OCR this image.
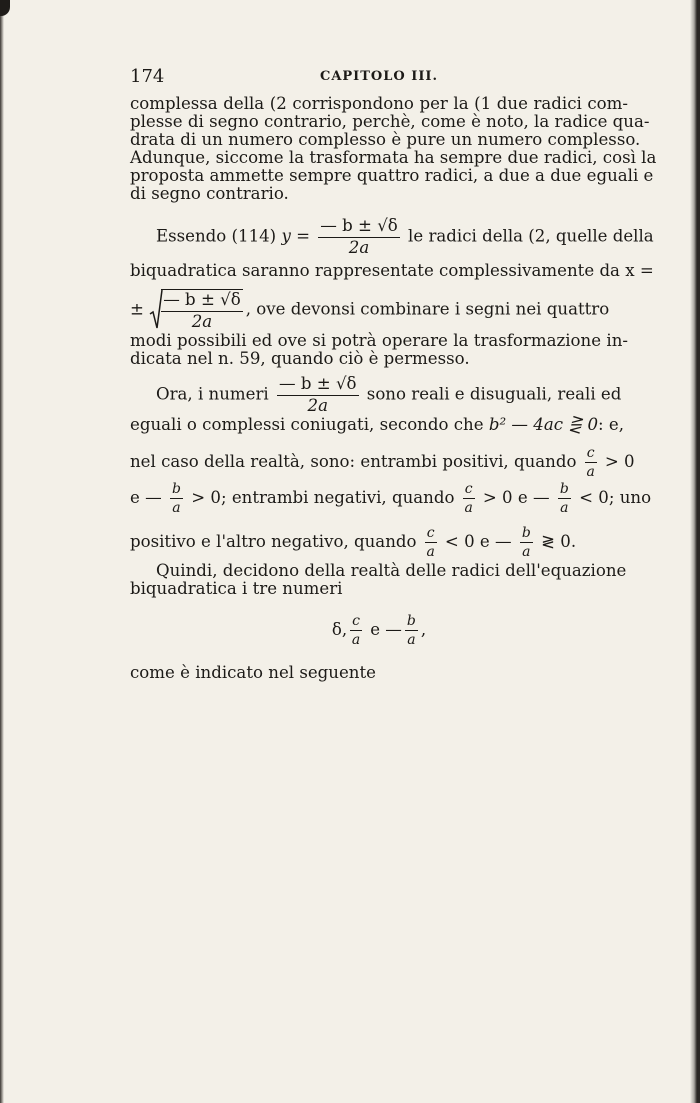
174	CAPITOLO III.
complessa della (2 corrispondono per la (1 due radici com-
plesse di segno contrario, perchè, come è noto, la radice qua-
drata di un numero complesso è pure un numero complesso.
Adunque, siccome la trasformata ha sempre due radici, così la
proposta ammette sempre quattro radici, a due a due eguali e
di segno contrario.
Essendo (114) $y = \frac{— b \pm √\delta}{2a}$ le radici della (2, quelle della
biquadratica saranno rappresentate complessivamente da x =
± $\frac{— b \pm √\delta}{2a}$ , ove devonsi combinare i segni nei quattro
modi possibili ed ove si potrà operare la trasformazione in-
dicata nel n. 59, quando ciò è permesso.
Ora, i numeri $\frac{— b \pm √\delta}{2a}$ sono reali e disuguali, reali ed
eguali o complessi coniugati, secondo che b² — 4ac ⋛ 0: e,
nel caso della realtà, sono: entrambi positivi, quando $\frac{c}{a} > 0$
e — $\frac{b}{a} > 0$; entrambi negativi, quando $\frac{c}{a} > 0$ e — $\frac{b}{a} < 0$; uno
positivo e l'altro negativo, quando $\frac{c}{a} < 0$ e — $\frac{b}{a}$ ≷ 0.
Quindi, decidono della realtà delle radici dell'equazione
biquadratica i tre numeri
δ, $\frac{c}{a}$ e — $\frac{b}{a}$ ,
come è indicato nel seguente
